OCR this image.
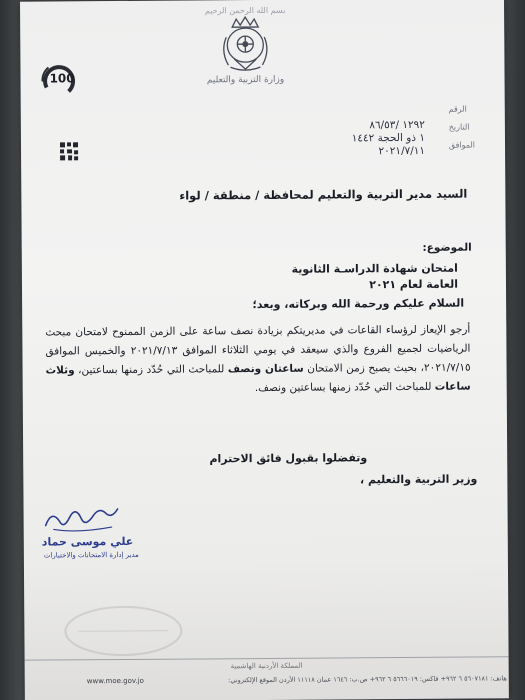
بسم الله الرحمن الرحيم
وزارة التربية والتعليم
100
الرقم
التاريخ
الموافق
١٢٩٢ /٨٦/٥٣
١ ذو الحجة ١٤٤٢
٢٠٢١/٧/١١
السيد مدير التربية والتعليم لمحافظة / منطقة / لواء
الموضوع:
امتحان شهادة الدراسـة الثانوية
العامة لعام ٢٠٢١
السلام عليكم ورحمة الله وبركاته، وبعد؛
أرجو الإيعاز لرؤساء القاعات في مديريتكم بزيادة نصف ساعة على الزمن الممنوح لامتحان مبحث الرياضيات لجميع الفروع والذي سيعقد في يومي الثلاثاء الموافق ٢٠٢١/٧/١٣ والخميس الموافق ٢٠٢١/٧/١٥، بحيث يصبح زمن الامتحان ساعتان ونصف للمباحث التي حُدّد زمنها بساعتين، وثلاث ساعات للمباحث التي حُدّد زمنها بساعتين ونصف.
وتفضلوا بقبول فائق الاحترام
وزير التربية والتعليم ،
علي موسى حماد
مدير إدارة الامتحانات والاختبارات
المملكة الأردنية الهاشمية
هاتف: ٥٦٠٧١٨١ ٦ ٩٦٢+ فاكس: ٥٦٦٦٠١٩ ٦ ٩٦٢+ ص.ب: ١٦٤٦ عمان ١١١١٨ الأردن الموقع الإلكتروني:
www.moe.gov.jo
